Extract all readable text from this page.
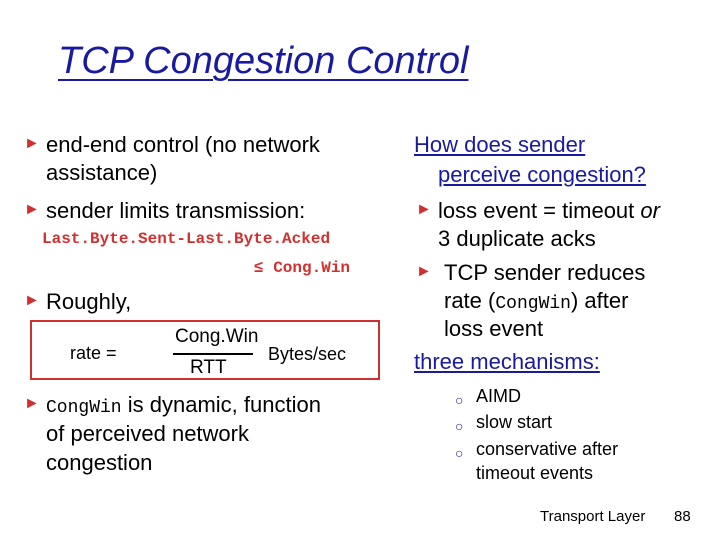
TCP Congestion Control
►
end-end control (no network
assistance)
►
sender limits transmission:
Last.Byte.Sent-Last.Byte.Acked
≤ Cong.Win
►
Roughly,
rate =
Cong.Win
RTT
Bytes/sec
►
CongWin is dynamic, function
of perceived network
congestion
How does sender
perceive congestion?
►
loss event = timeout or
3 duplicate acks
►
TCP sender reduces
rate (CongWin) after
loss event
three mechanisms:
○
AIMD
○
slow start
○
conservative after
timeout events
Transport Layer 88
